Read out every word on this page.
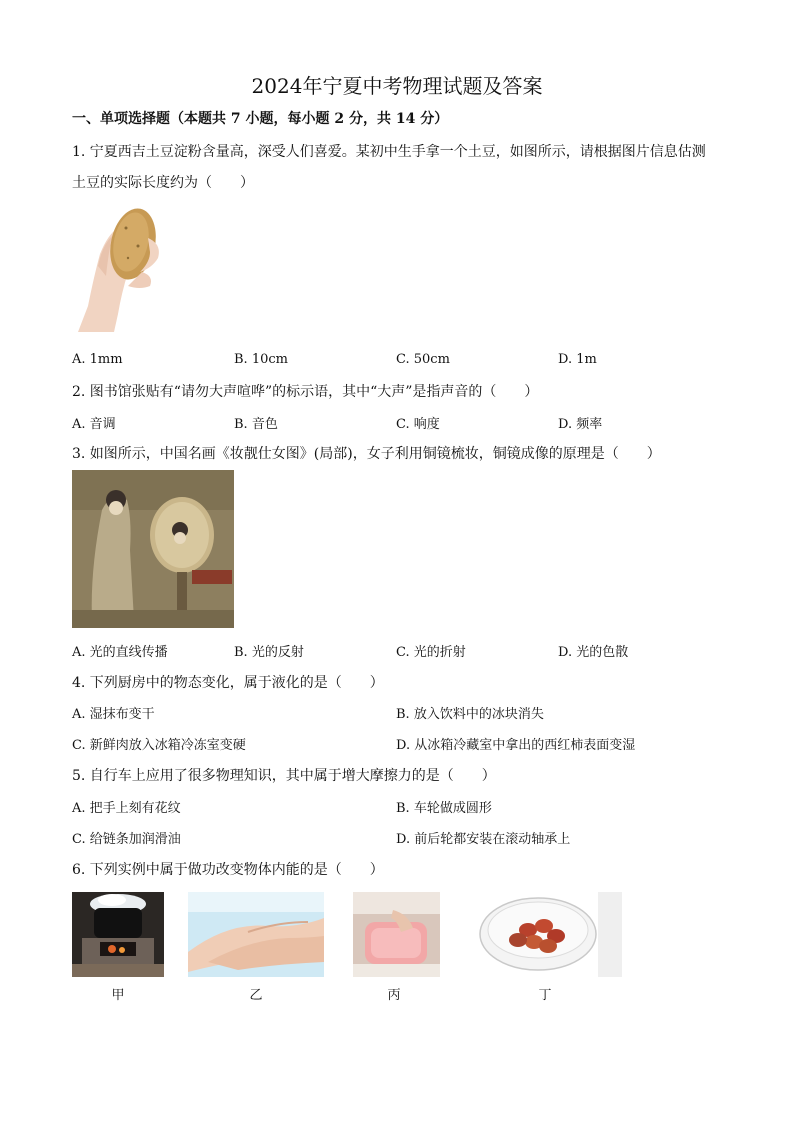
2024年宁夏中考物理试题及答案
一、单项选择题（本题共 7 小题，每小题 2 分，共 14 分）
1. 宁夏西吉土豆淀粉含量高，深受人们喜爱。某初中生手拿一个土豆，如图所示，请根据图片信息估测
土豆的实际长度约为（　　）
A. 1mm	B. 10cm	C. 50cm	D. 1m
2. 图书馆张贴有“请勿大声喧哗”的标示语，其中“大声”是指声音的（　　）
A. 音调	B. 音色	C. 响度	D. 频率
3. 如图所示，中国名画《妆靓仕女图》(局部)，女子利用铜镜梳妆，铜镜成像的原理是（　　）
A. 光的直线传播	B. 光的反射	C. 光的折射	D. 光的色散
4. 下列厨房中的物态变化，属于液化的是（　　）
A. 湿抹布变干	B. 放入饮料中的冰块消失
C. 新鲜肉放入冰箱冷冻室变硬	D. 从冰箱冷藏室中拿出的西红柿表面变湿
5. 自行车上应用了很多物理知识，其中属于增大摩擦力的是（　　）
A. 把手上刻有花纹	B. 车轮做成圆形
C. 给链条加润滑油	D. 前后轮都安装在滚动轴承上
6. 下列实例中属于做功改变物体内能的是（　　）
甲	乙	丙	丁
